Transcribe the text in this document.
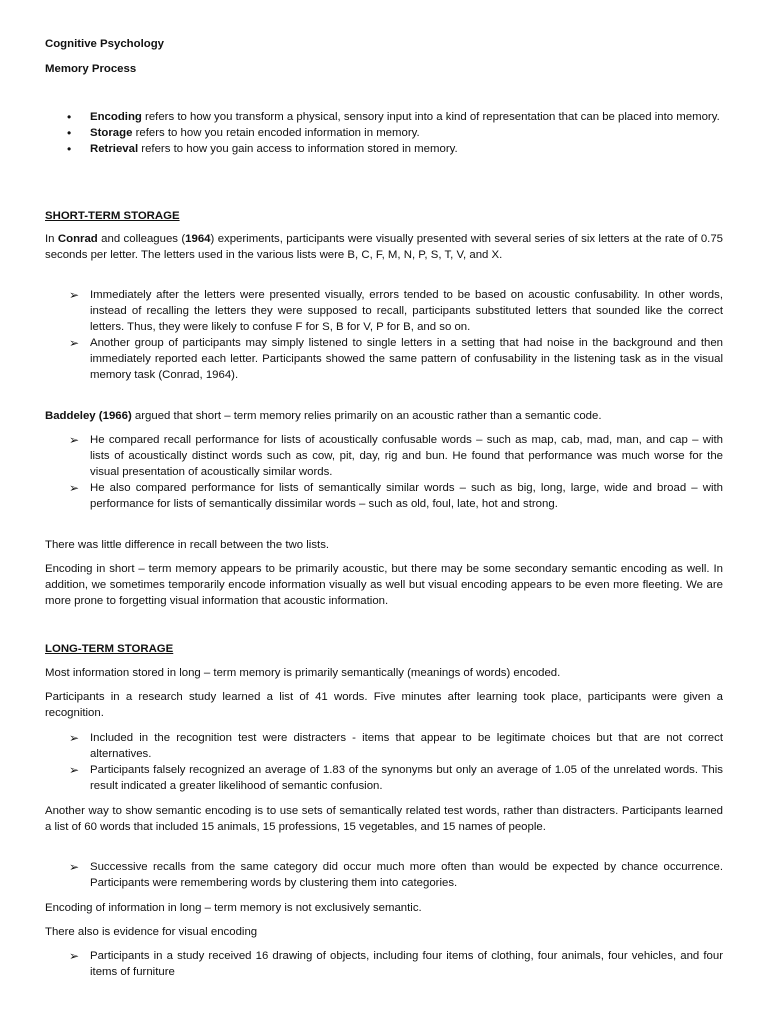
Cognitive Psychology

Memory Process

• Encoding refers to how you transform a physical, sensory input into a kind of representation that can be placed into memory.
• Storage refers to how you retain encoded information in memory.
• Retrieval refers to how you gain access to information stored in memory.

SHORT-TERM STORAGE

In Conrad and colleagues (1964) experiments, participants were visually presented with several series of six letters at the rate of 0.75 seconds per letter. The letters used in the various lists were B, C, F, M, N, P, S, T, V, and X.

➢ Immediately after the letters were presented visually, errors tended to be based on acoustic confusability. In other words, instead of recalling the letters they were supposed to recall, participants substituted letters that sounded like the correct letters. Thus, they were likely to confuse F for S, B for V, P for B, and so on.
➢ Another group of participants may simply listened to single letters in a setting that had noise in the background and then immediately reported each letter. Participants showed the same pattern of confusability in the listening task as in the visual memory task (Conrad, 1964).

Baddeley (1966) argued that short – term memory relies primarily on an acoustic rather than a semantic code.

➢ He compared recall performance for lists of acoustically confusable words – such as map, cab, mad, man, and cap – with lists of acoustically distinct words such as cow, pit, day, rig and bun. He found that performance was much worse for the visual presentation of acoustically similar words.
➢ He also compared performance for lists of semantically similar words – such as big, long, large, wide and broad – with performance for lists of semantically dissimilar words – such as old, foul, late, hot and strong.

There was little difference in recall between the two lists.

Encoding in short – term memory appears to be primarily acoustic, but there may be some secondary semantic encoding as well. In addition, we sometimes temporarily encode information visually as well but visual encoding appears to be even more fleeting. We are more prone to forgetting visual information that acoustic information.

LONG-TERM STORAGE

Most information stored in long – term memory is primarily semantically (meanings of words) encoded.

Participants in a research study learned a list of 41 words. Five minutes after learning took place, participants were given a recognition.

➢ Included in the recognition test were distracters - items that appear to be legitimate choices but that are not correct alternatives.
➢ Participants falsely recognized an average of 1.83 of the synonyms but only an average of 1.05 of the unrelated words. This result indicated a greater likelihood of semantic confusion.

Another way to show semantic encoding is to use sets of semantically related test words, rather than distracters. Participants learned a list of 60 words that included 15 animals, 15 professions, 15 vegetables, and 15 names of people.

➢ Successive recalls from the same category did occur much more often than would be expected by chance occurrence. Participants were remembering words by clustering them into categories.

Encoding of information in long – term memory is not exclusively semantic.

There also is evidence for visual encoding

➢ Participants in a study received 16 drawing of objects, including four items of clothing, four animals, four vehicles, and four items of furniture
